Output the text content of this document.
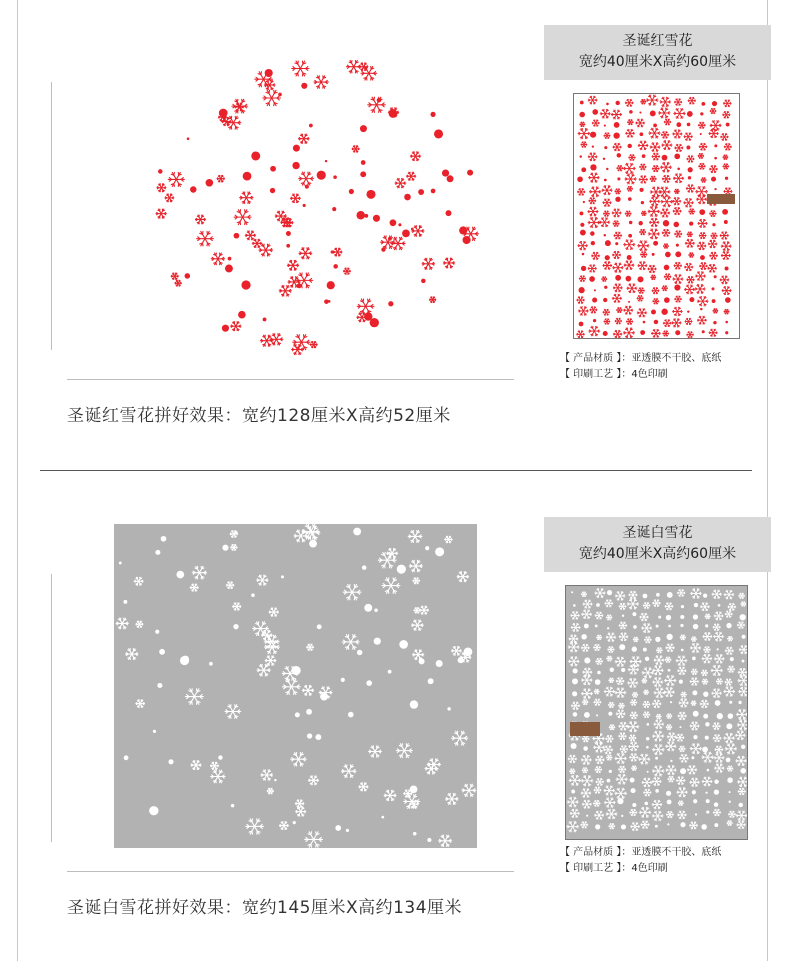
圣诞红雪花拼好效果：宽约128厘米X高约52厘米
圣诞红雪花
宽约40厘米X高约60厘米
【 产品材质 】：亚透膜不干胶、底纸
【 印刷工艺 】：4色印刷
圣诞白雪花拼好效果：宽约145厘米X高约134厘米
圣诞白雪花
宽约40厘米X高约60厘米
【 产品材质 】：亚透膜不干胶、底纸
【 印刷工艺 】：4色印刷
